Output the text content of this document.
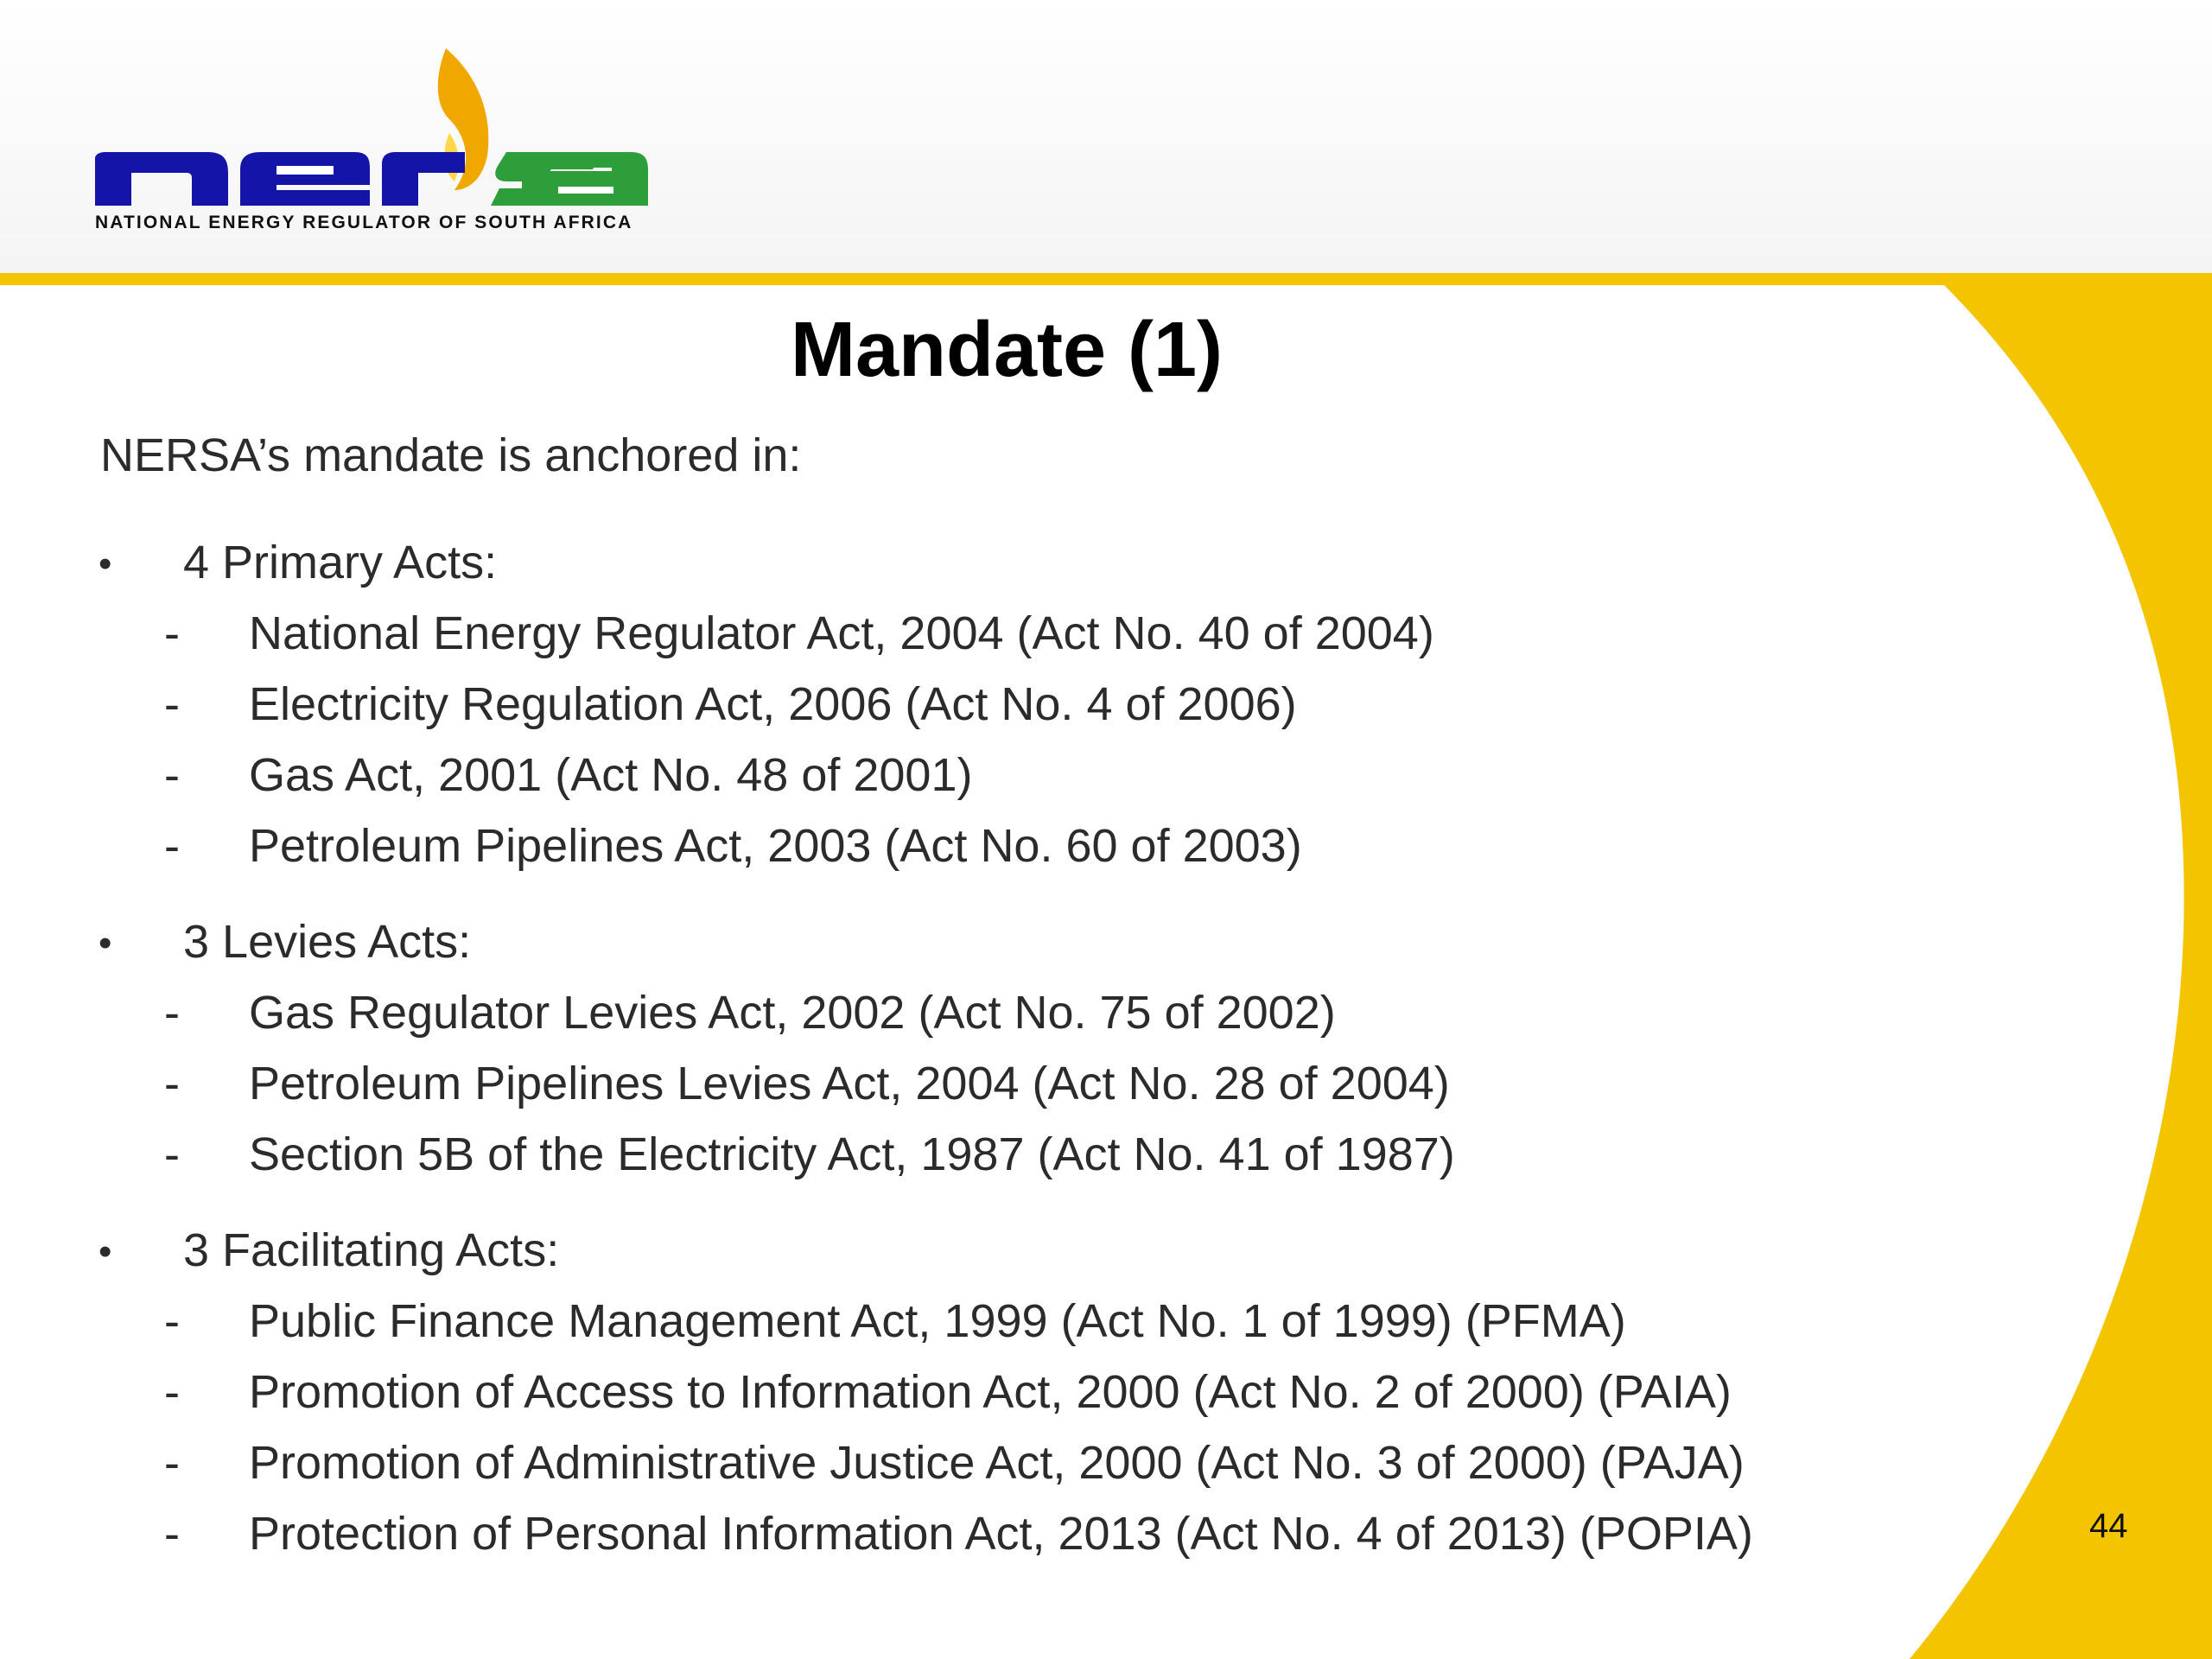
NATIONAL ENERGY REGULATOR OF SOUTH AFRICA
Mandate (1)
NERSA’s mandate is anchored in:
• 4 Primary Acts:
- National Energy Regulator Act, 2004 (Act No. 40 of 2004)
- Electricity Regulation Act, 2006 (Act No. 4 of 2006)
- Gas Act, 2001 (Act No. 48 of 2001)
- Petroleum Pipelines Act, 2003 (Act No. 60 of 2003)
• 3 Levies Acts:
- Gas Regulator Levies Act, 2002 (Act No. 75 of 2002)
- Petroleum Pipelines Levies Act, 2004 (Act No. 28 of 2004)
- Section 5B of the Electricity Act, 1987 (Act No. 41 of 1987)
• 3 Facilitating Acts:
- Public Finance Management Act, 1999 (Act No. 1 of 1999) (PFMA)
- Promotion of Access to Information Act, 2000 (Act No. 2 of 2000) (PAIA)
- Promotion of Administrative Justice Act, 2000 (Act No. 3 of 2000) (PAJA)
- Protection of Personal Information Act, 2013 (Act No. 4 of 2013) (POPIA)	44
